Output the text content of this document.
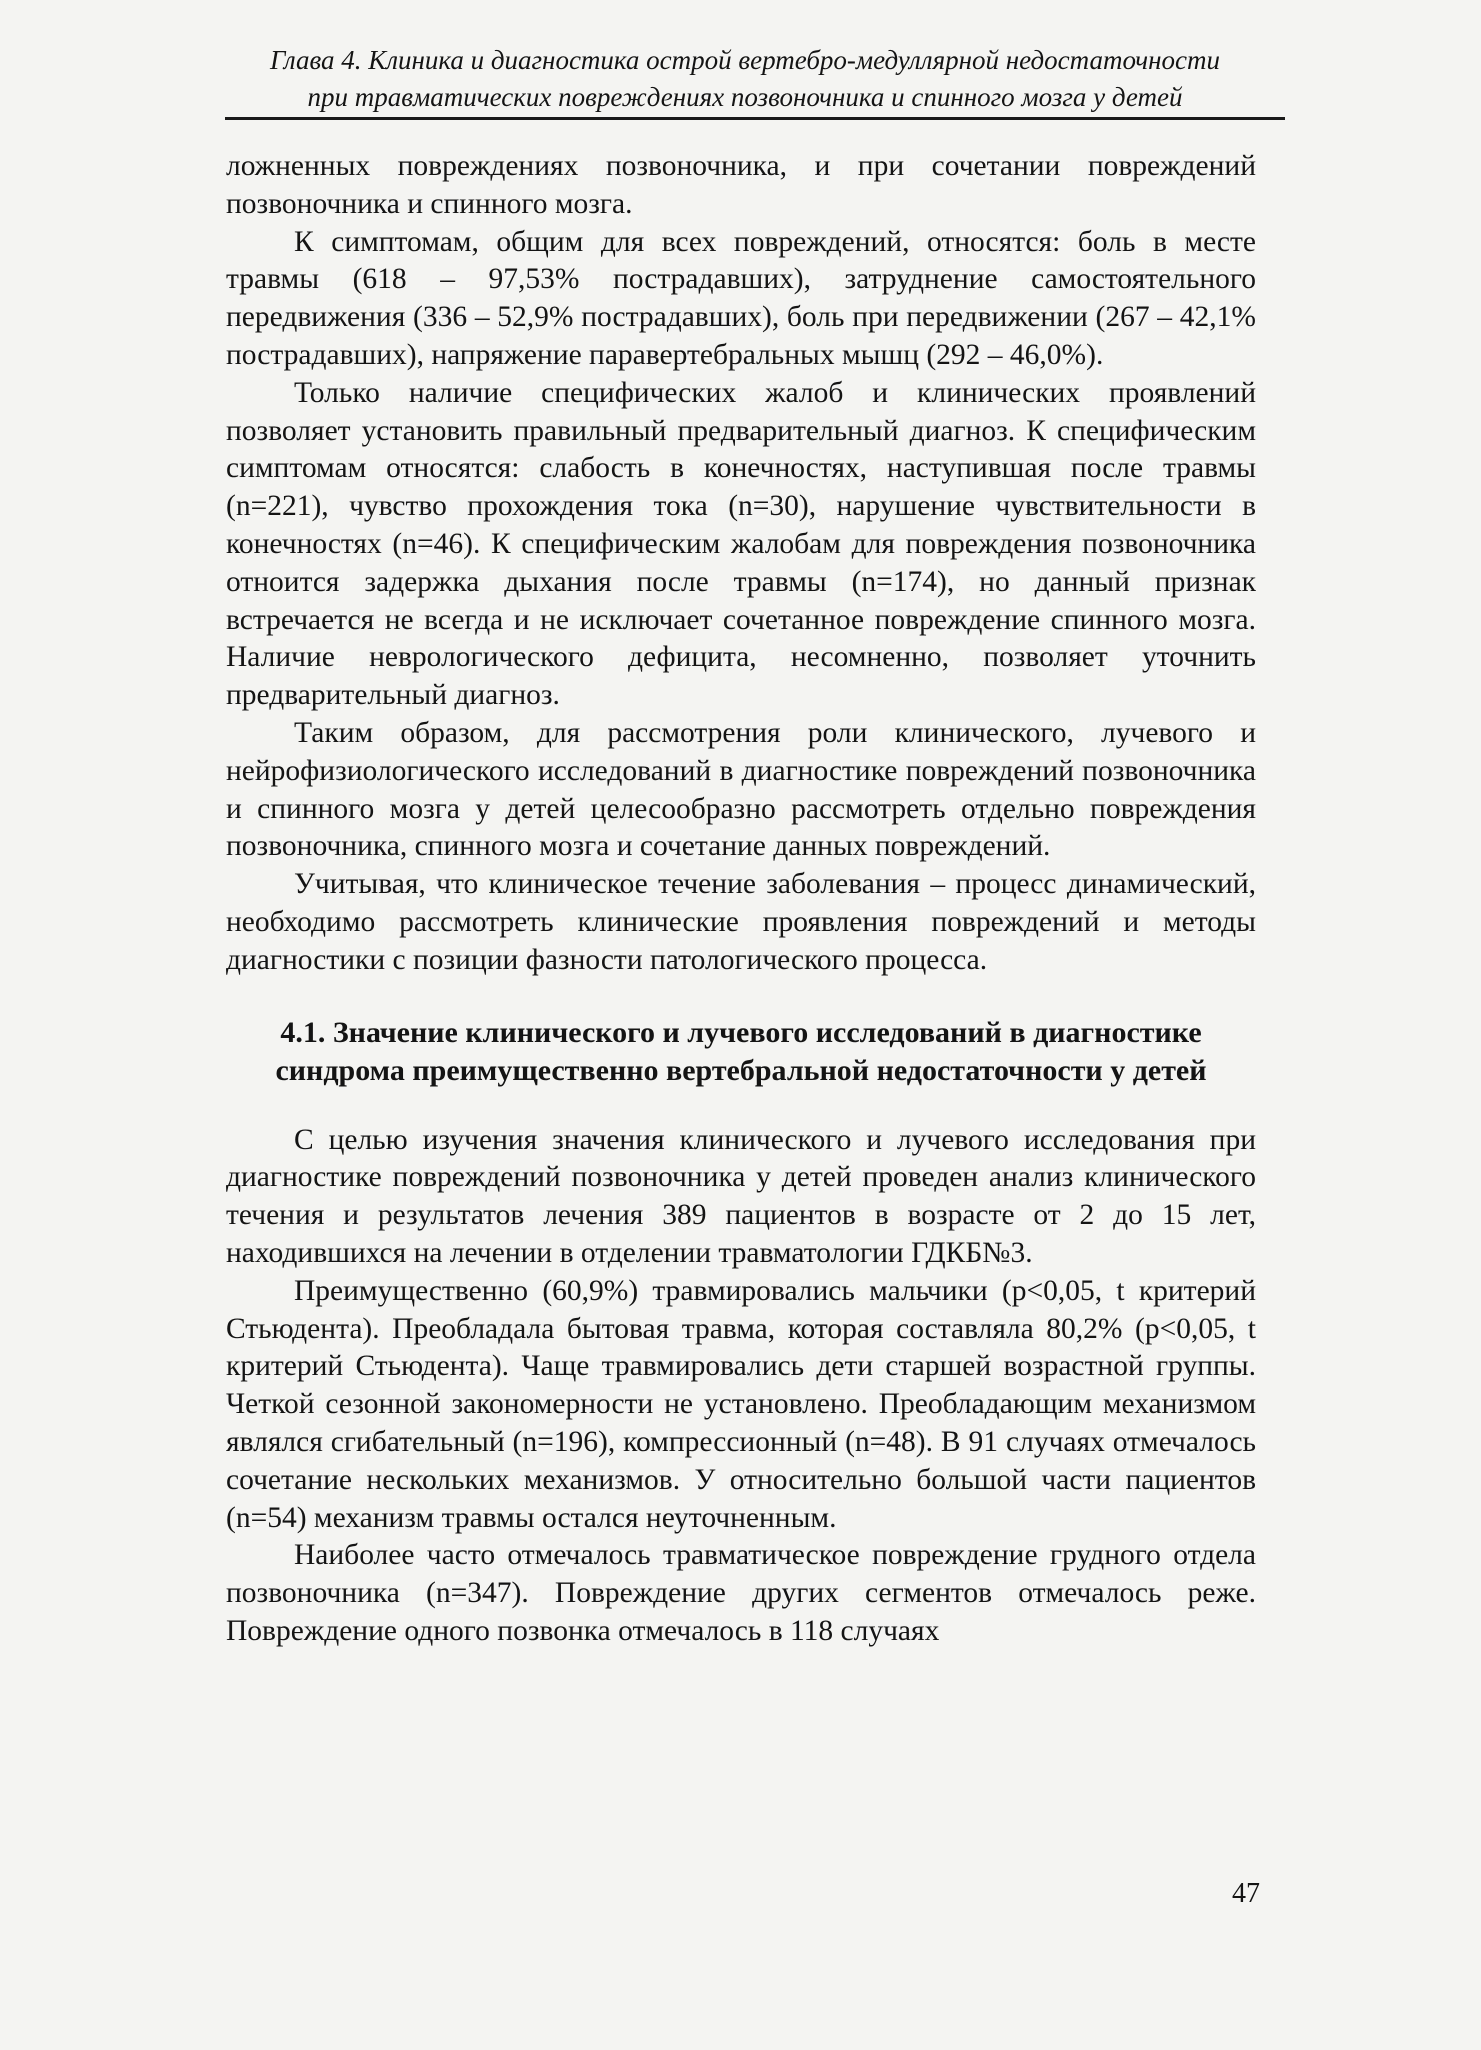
Глава 4. Клиника и диагностика острой вертебро-медуллярной недостаточности
при травматических повреждениях позвоночника и спинного мозга у детей

ложненных повреждениях позвоночника, и при сочетании повреждений позвоночника и спинного мозга.

К симптомам, общим для всех повреждений, относятся: боль в месте травмы (618 – 97,53% пострадавших), затруднение самостоятельного передвижения (336 – 52,9% пострадавших), боль при передвижении (267 – 42,1% пострадавших), напряжение паравертебральных мышц (292 – 46,0%).

Только наличие специфических жалоб и клинических проявлений позволяет установить правильный предварительный диагноз. К специфическим симптомам относятся: слабость в конечностях, наступившая после травмы (n=221), чувство прохождения тока (n=30), нарушение чувствительности в конечностях (n=46). К специфическим жалобам для повреждения позвоночника отнoится задержка дыхания после травмы (n=174), но данный признак встречается не всегда и не исключает сочетанное повреждение спинного мозга. Наличие неврологического дефицита, несомненно, позволяет уточнить предварительный диагноз.

Таким образом, для рассмотрения роли клинического, лучевого и нейрофизиологического исследований в диагностике повреждений позвоночника и спинного мозга у детей целесообразно рассмотреть отдельно повреждения позвоночника, спинного мозга и сочетание данных повреждений.

Учитывая, что клиническое течение заболевания – процесс динамический, необходимо рассмотреть клинические проявления повреждений и методы диагностики с позиции фазности патологического процесса.

4.1. Значение клинического и лучевого исследований в диагностике
синдрома преимущественно вертебральной недостаточности у детей

С целью изучения значения клинического и лучевого исследования при диагностике повреждений позвоночника у детей проведен анализ клинического течения и результатов лечения 389 пациентов в возрасте от 2 до 15 лет, находившихся на лечении в отделении травматологии ГДКБ№3.

Преимущественно (60,9%) травмировались мальчики (p<0,05, t критерий Стьюдента). Преобладала бытовая травма, которая составляла 80,2% (p<0,05, t критерий Стьюдента). Чаще травмировались дети старшей возрастной группы. Четкой сезонной закономерности не установлено. Преобладающим механизмом являлся сгибательный (n=196), компрессионный (n=48). В 91 случаях отмечалось сочетание нескольких механизмов. У относительно большой части пациентов (n=54) механизм травмы остался неуточненным.

Наиболее часто отмечалось травматическое повреждение грудного отдела позвоночника (n=347). Повреждение других сегментов отмечалось реже. Повреждение одного позвонка отмечалось в 118 случаях

47
